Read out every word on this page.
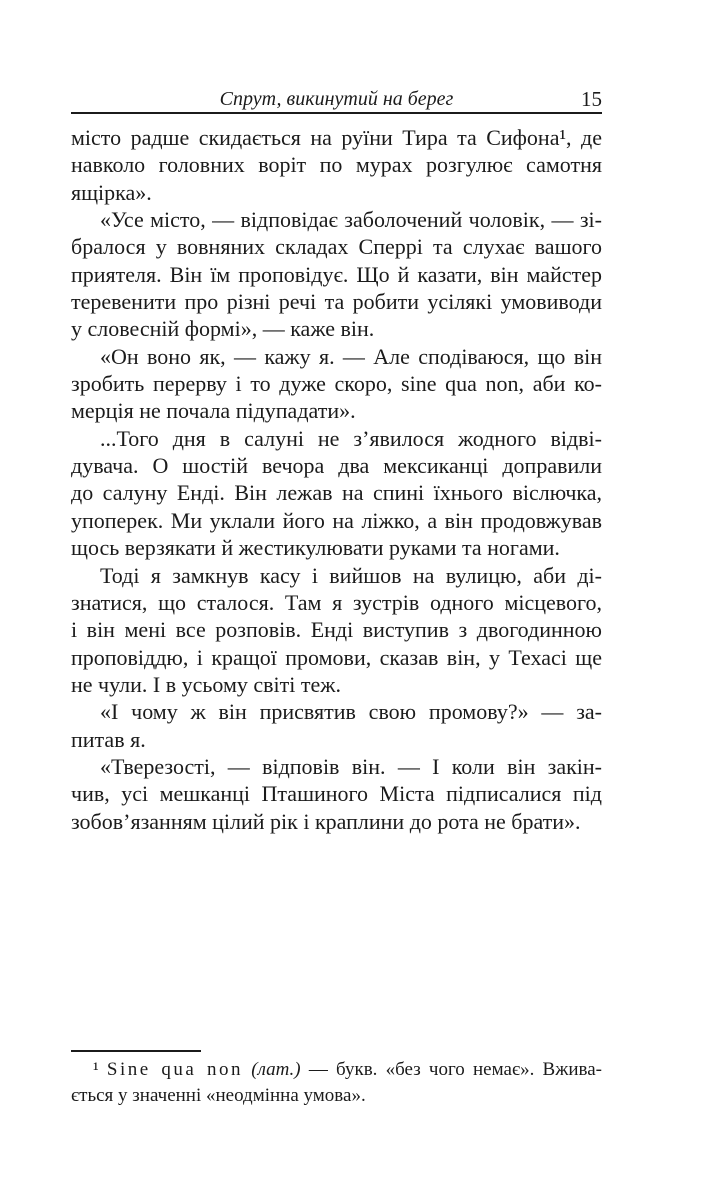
Спрут, викинутий на берег	15
місто радше скидається на руїни Тира та Сифона¹, де
навколо головних воріт по мурах розгулює самотня
ящірка».
«Усе місто, — відповідає заболочений чоловік, — зі-
бралося у вовняних складах Сперрі та слухає вашого
приятеля. Він їм проповідує. Що й казати, він майстер
теревенити про різні речі та робити усілякі умовиводи
у словесній формі», — каже він.
«Он воно як, — кажу я. — Але сподіваюся, що він
зробить перерву і то дуже скоро, sine qua non, аби ко-
мерція не почала підупадати».
...Того дня в салуні не з’явилося жодного відві-
дувача. О шостій вечора два мексиканці доправили
до салуну Енді. Він лежав на спині їхнього віслючка,
упоперек. Ми уклали його на ліжко, а він продовжував
щось верзякати й жестикулювати руками та ногами.
Тоді я замкнув касу і вийшов на вулицю, аби ді-
знатися, що сталося. Там я зустрів одного місцевого,
і він мені все розповів. Енді виступив з двогодинною
проповіддю, і кращої промови, сказав він, у Техасі ще
не чули. І в усьому світі теж.
«І чому ж він присвятив свою промову?» — за-
питав я.
«Тверезості, — відповів він. — І коли він закін-
чив, усі мешканці Пташиного Міста підписалися під
зобов’язанням цілий рік і краплини до рота не брати».

¹ Sine qua non (лат.) — букв. «без чого немає». Вжива-

ється у значенні «неодмінна умова».
